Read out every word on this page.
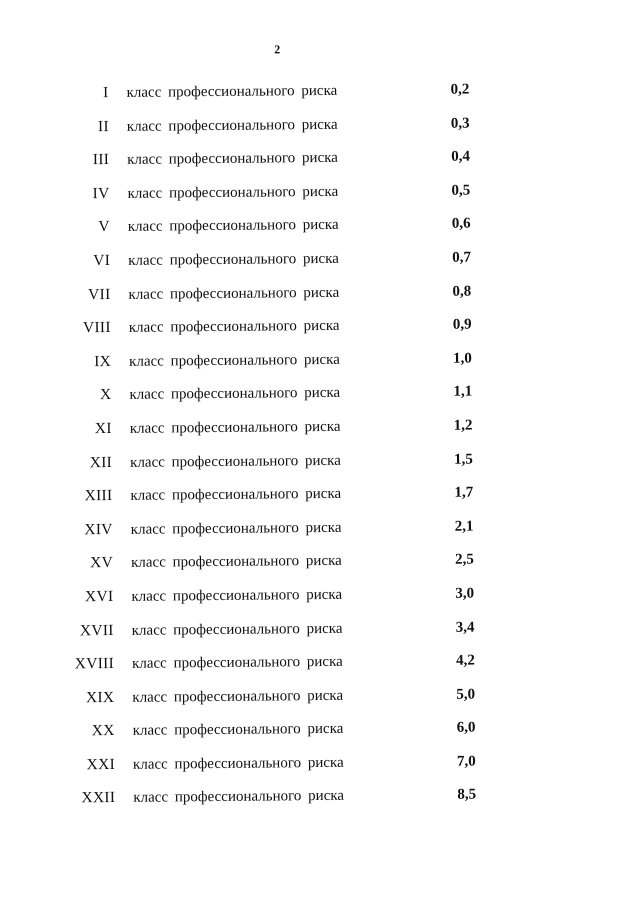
2
I класс профессионального риска	0,2
II класс профессионального риска	0,3
III класс профессионального риска	0,4
IV класс профессионального риска	0,5
V класс профессионального риска	0,6
VI класс профессионального риска	0,7
VII класс профессионального риска	0,8
VIII класс профессионального риска	0,9
IX класс профессионального риска	1,0
X класс профессионального риска	1,1
XI класс профессионального риска	1,2
XII класс профессионального риска	1,5
XIII класс профессионального риска	1,7
XIV класс профессионального риска	2,1
XV класс профессионального риска	2,5
XVI класс профессионального риска	3,0
XVII класс профессионального риска	3,4
XVIII класс профессионального риска	4,2
XIX класс профессионального риска	5,0
XX класс профессионального риска	6,0
XXI класс профессионального риска	7,0
XXII класс профессионального риска	8,5
